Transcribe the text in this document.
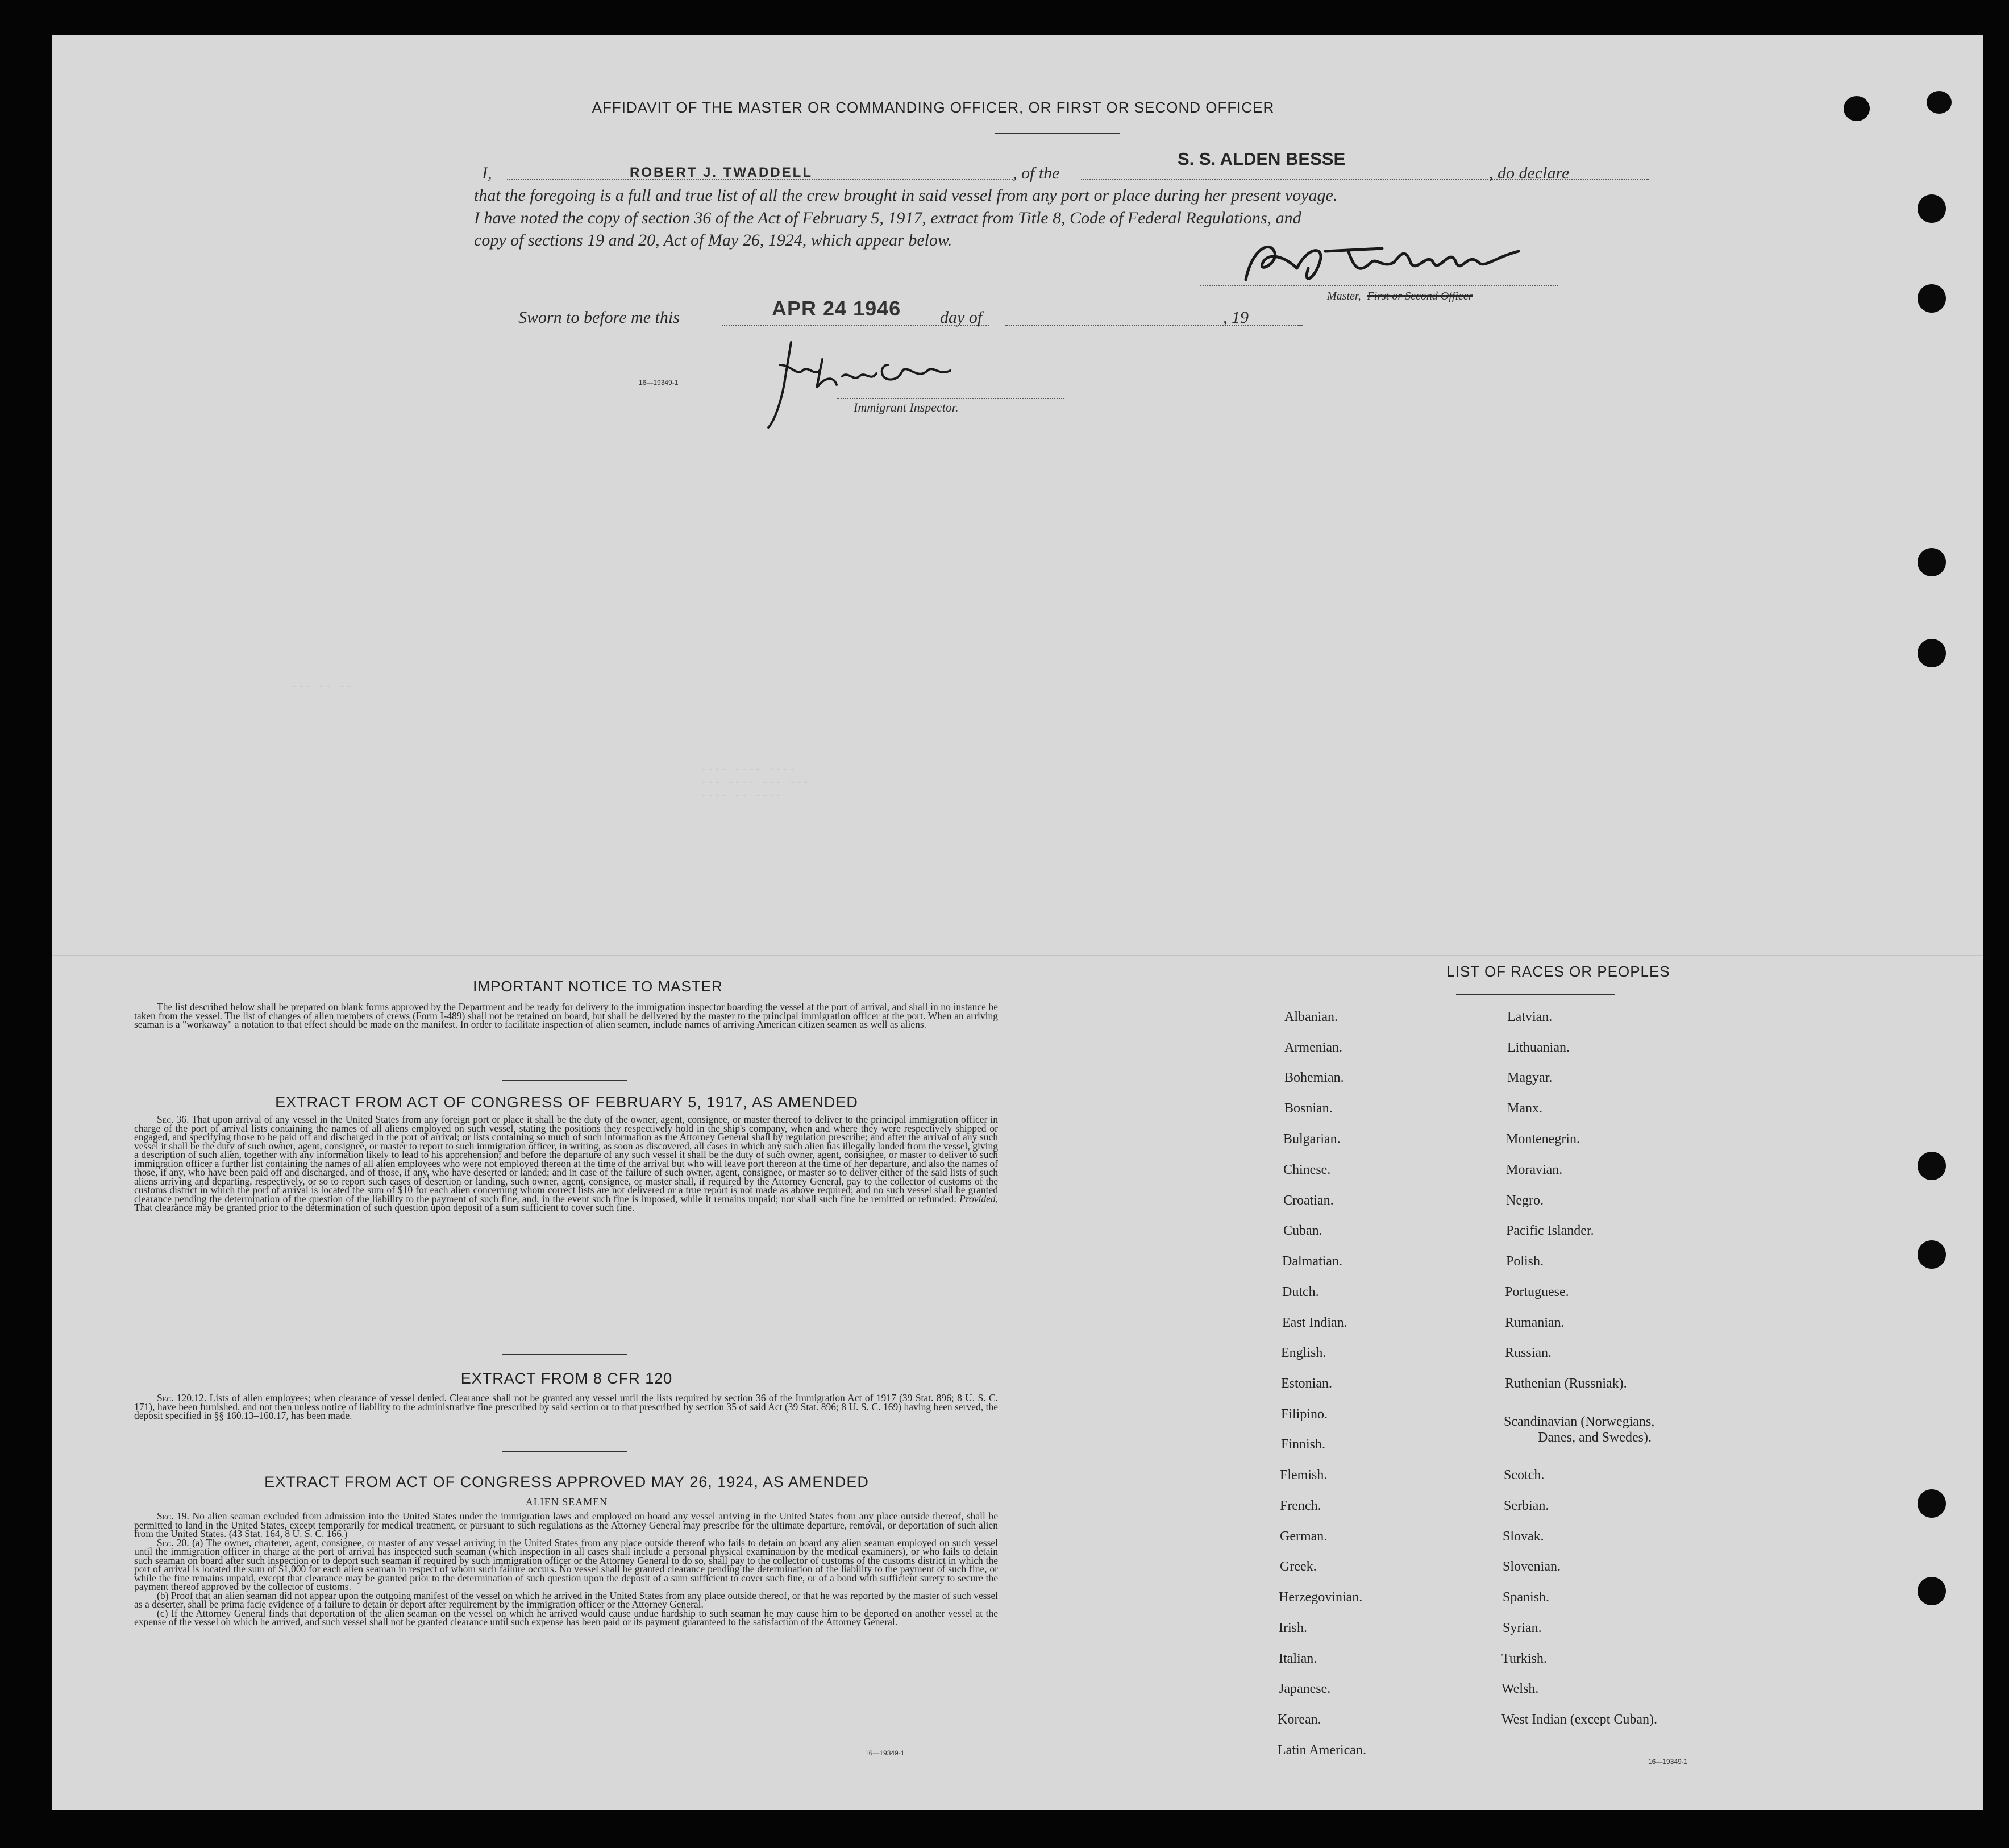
AFFIDAVIT OF THE MASTER OR COMMANDING OFFICER, OR FIRST OR SECOND OFFICER
I,	ROBERT J. TWADDELL	, of the
S. S. ALDEN BESSE
, do declare
that the foregoing is a full and true list of all the crew brought in said vessel from any port or place during her present voyage.
I have noted the copy of section 36 of the Act of February 5, 1917, extract from Title 8, Code of Federal Regulations, and
copy of sections 19 and 20, Act of May 26, 1924, which appear below.
Master, First or Second Officer
Sworn to before me this	APR 24 1946 day of	, 19
Immigrant Inspector.
16—19349-1
--- -- --
---- ---- ----
--- ---- --- ---
---- -- ----
IMPORTANT NOTICE TO MASTER

The list described below shall be prepared on blank forms approved by the Department and be ready for delivery to the immigration inspector boarding the vessel at the port of arrival, and shall in no instance be taken from the vessel. The list of changes of alien members of crews (Form I-489) shall not be retained on board, but shall be delivered by the master to the principal immigration officer at the port. When an arriving seaman is a "workaway" a notation to that effect should be made on the manifest. In order to facilitate inspection of alien seamen, include names of arriving American citizen seamen as well as aliens.

EXTRACT FROM ACT OF CONGRESS OF FEBRUARY 5, 1917, AS AMENDED

Sec. 36. That upon arrival of any vessel in the United States from any foreign port or place it shall be the duty of the owner, agent, consignee, or master thereof to deliver to the principal immigration officer in charge of the port of arrival lists containing the names of all aliens employed on such vessel, stating the positions they respectively hold in the ship's company, when and where they were respectively shipped or engaged, and specifying those to be paid off and discharged in the port of arrival; or lists containing so much of such information as the Attorney General shall by regulation prescribe; and after the arrival of any such vessel it shall be the duty of such owner, agent, consignee, or master to report to such immigration officer, in writing, as soon as discovered, all cases in which any such alien has illegally landed from the vessel, giving a description of such alien, together with any information likely to lead to his apprehension; and before the departure of any such vessel it shall be the duty of such owner, agent, consignee, or master to deliver to such immigration officer a further list containing the names of all alien employees who were not employed thereon at the time of the arrival but who will leave port thereon at the time of her departure, and also the names of those, if any, who have been paid off and discharged, and of those, if any, who have deserted or landed; and in case of the failure of such owner, agent, consignee, or master so to deliver either of the said lists of such aliens arriving and departing, respectively, or so to report such cases of desertion or landing, such owner, agent, consignee, or master shall, if required by the Attorney General, pay to the collector of customs of the customs district in which the port of arrival is located the sum of $10 for each alien concerning whom correct lists are not delivered or a true report is not made as above required; and no such vessel shall be granted clearance pending the determination of the question of the liability to the payment of such fine, and, in the event such fine is imposed, while it remains unpaid; nor shall such fine be remitted or refunded: Provided, That clearance may be granted prior to the determination of such question upon deposit of a sum sufficient to cover such fine.

EXTRACT FROM 8 CFR 120

Sec. 120.12. Lists of alien employees; when clearance of vessel denied. Clearance shall not be granted any vessel until the lists required by section 36 of the Immigration Act of 1917 (39 Stat. 896; 8 U. S. C. 171), have been furnished, and not then unless notice of liability to the administrative fine prescribed by said section or to that prescribed by section 35 of said Act (39 Stat. 896; 8 U. S. C. 169) having been served, the deposit specified in §§ 160.13–160.17, has been made.

EXTRACT FROM ACT OF CONGRESS APPROVED MAY 26, 1924, AS AMENDED
ALIEN SEAMEN

Sec. 19. No alien seaman excluded from admission into the United States under the immigration laws and employed on board any vessel arriving in the United States from any place outside thereof, shall be permitted to land in the United States, except temporarily for medical treatment, or pursuant to such regulations as the Attorney General may prescribe for the ultimate departure, removal, or deportation of such alien from the United States. (43 Stat. 164, 8 U. S. C. 166.)

Sec. 20. (a) The owner, charterer, agent, consignee, or master of any vessel arriving in the United States from any place outside thereof who fails to detain on board any alien seaman employed on such vessel until the immigration officer in charge at the port of arrival has inspected such seaman (which inspection in all cases shall include a personal physical examination by the medical examiners), or who fails to detain such seaman on board after such inspection or to deport such seaman if required by such immigration officer or the Attorney General to do so, shall pay to the collector of customs of the customs district in which the port of arrival is located the sum of $1,000 for each alien seaman in respect of whom such failure occurs. No vessel shall be granted clearance pending the determination of the liability to the payment of such fine, or while the fine remains unpaid, except that clearance may be granted prior to the determination of such question upon the deposit of a sum sufficient to cover such fine, or of a bond with sufficient surety to secure the payment thereof approved by the collector of customs.

(b) Proof that an alien seaman did not appear upon the outgoing manifest of the vessel on which he arrived in the United States from any place outside thereof, or that he was reported by the master of such vessel as a deserter, shall be prima facie evidence of a failure to detain or deport after requirement by the immigration officer or the Attorney General.

(c) If the Attorney General finds that deportation of the alien seaman on the vessel on which he arrived would cause undue hardship to such seaman he may cause him to be deported on another vessel at the expense of the vessel on which he arrived, and such vessel shall not be granted clearance until such expense has been paid or its payment guaranteed to the satisfaction of the Attorney General.

16—19349-1
LIST OF RACES OR PEOPLES
Albanian.
Armenian.
Bohemian.
Bosnian.
Bulgarian.
Chinese.
Croatian.
Cuban.
Dalmatian.
Dutch.
East Indian.
English.
Estonian.
Filipino.
Finnish.
Flemish.
French.
German.
Greek.
Herzegovinian.
Irish.
Italian.
Japanese.
Korean.
Latin American.
Latvian.
Lithuanian.
Magyar.
Manx.
Montenegrin.
Moravian.
Negro.
Pacific Islander.
Polish.
Portuguese.
Rumanian.
Russian.
Ruthenian (Russniak).
Scandinavian (Norwegians,
Danes, and Swedes).
Scotch.
Serbian.
Slovak.
Slovenian.
Spanish.
Syrian.
Turkish.
Welsh.
West Indian (except Cuban).
16—19349-1
